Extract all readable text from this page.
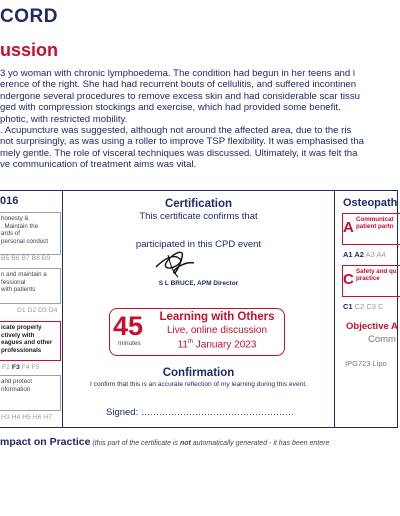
CORD
ussion
3 yo woman with chronic lymphoedema. The condition had begun in her teens and i
erence of the right. She had had recurrent bouts of cellulitis, and suffered incontinen
ndergone several procedures to remove excess skin and had considerable scar tissu
ged with compression stockings and exercise, which had provided some benefit.
photic, with restricted mobility.
. Acupuncture was suggested, although not around the affected area, due to the ris
not surprisingly, as was using a roller to improve TSP flexibility. It was emphasised tha
mely gentle. The role of visceral techniques was discussed. Ultimately, it was felt tha
ve communication of treatment aims was vital.
016
honesty &
. Maintain the
ards of
personal conduct
B5 B6 B7 B8 B9
n and maintain a
fessional
with patients
D1 D2 D3 D4
icate properly
ctively with
eagues and other
professionals
F2 F3 F4 F5
and protect
nformation
H3 H4 H5 H6 H7
Certification
This certificate confirms that
participated in this CPD event
S L BRUCE, APM Director
45
minutes
Learning with Others
Live, online discussion
11th January 2023
Confirmation
I confirm that this is an accurate reflection of my learning during this event.
Signed: ……………………………………………
Osteopath
A Communicat
patient partn
A1 A2 A3 A4
C Safety and qu
practice
C1 C2 C3 C
Objective A
Comm
IPG723 Lipo
mpact on Practice (this part of the certificate is not automatically generated - it has been entere
